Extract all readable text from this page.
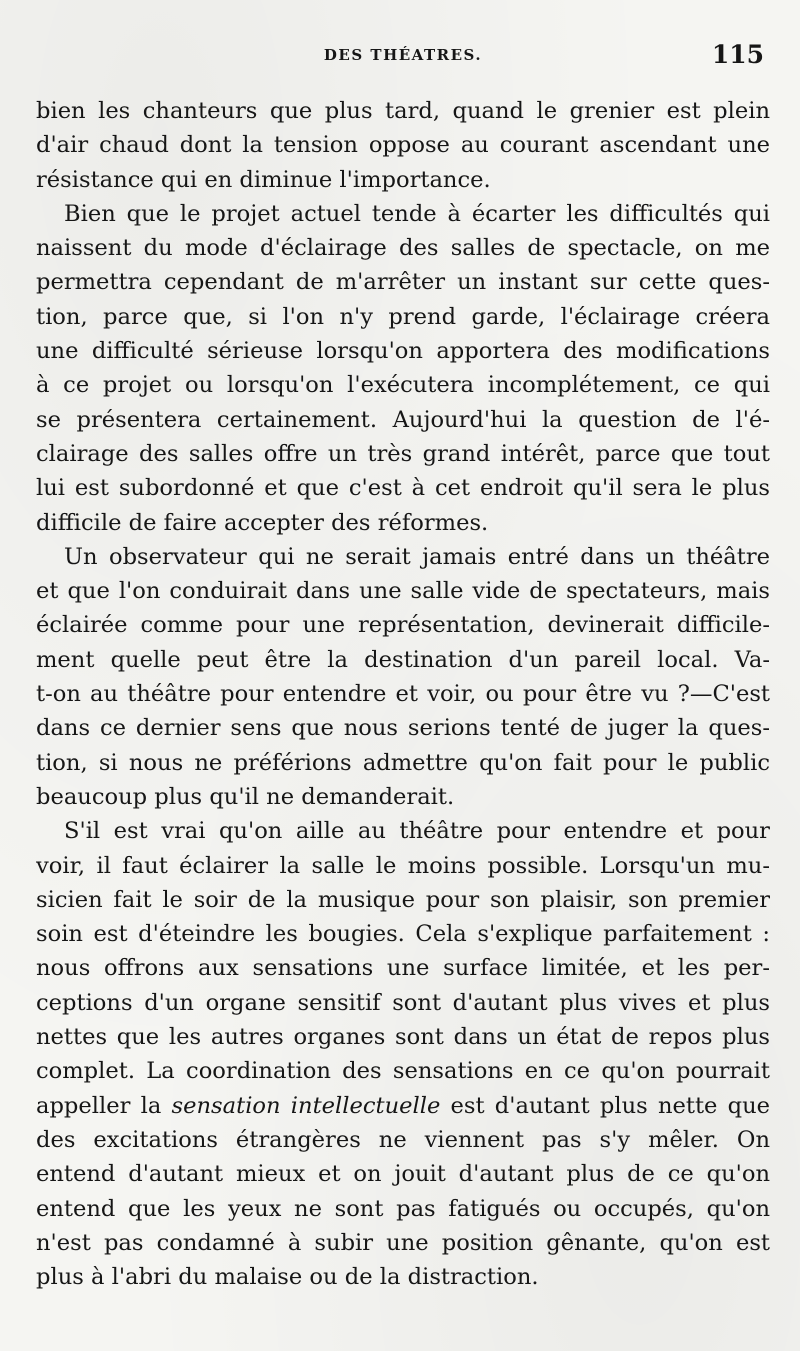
DES THÉATRES.	115
bien les chanteurs que plus tard, quand le grenier est plein
d'air chaud dont la tension oppose au courant ascendant une
résistance qui en diminue l'importance.
Bien que le projet actuel tende à écarter les difficultés qui
naissent du mode d'éclairage des salles de spectacle, on me
permettra cependant de m'arrêter un instant sur cette ques-
tion, parce que, si l'on n'y prend garde, l'éclairage créera
une difficulté sérieuse lorsqu'on apportera des modifications
à ce projet ou lorsqu'on l'exécutera incomplétement, ce qui
se présentera certainement. Aujourd'hui la question de l'é-
clairage des salles offre un très grand intérêt, parce que tout
lui est subordonné et que c'est à cet endroit qu'il sera le plus
difficile de faire accepter des réformes.
Un observateur qui ne serait jamais entré dans un théâtre
et que l'on conduirait dans une salle vide de spectateurs, mais
éclairée comme pour une représentation, devinerait difficile-
ment quelle peut être la destination d'un pareil local. Va-
t-on au théâtre pour entendre et voir, ou pour être vu ?—C'est
dans ce dernier sens que nous serions tenté de juger la ques-
tion, si nous ne préférions admettre qu'on fait pour le public
beaucoup plus qu'il ne demanderait.
S'il est vrai qu'on aille au théâtre pour entendre et pour
voir, il faut éclairer la salle le moins possible. Lorsqu'un mu-
sicien fait le soir de la musique pour son plaisir, son premier
soin est d'éteindre les bougies. Cela s'explique parfaitement :
nous offrons aux sensations une surface limitée, et les per-
ceptions d'un organe sensitif sont d'autant plus vives et plus
nettes que les autres organes sont dans un état de repos plus
complet. La coordination des sensations en ce qu'on pourrait
appeller la sensation intellectuelle est d'autant plus nette que
des excitations étrangères ne viennent pas s'y mêler. On
entend d'autant mieux et on jouit d'autant plus de ce qu'on
entend que les yeux ne sont pas fatigués ou occupés, qu'on
n'est pas condamné à subir une position gênante, qu'on est
plus à l'abri du malaise ou de la distraction.
